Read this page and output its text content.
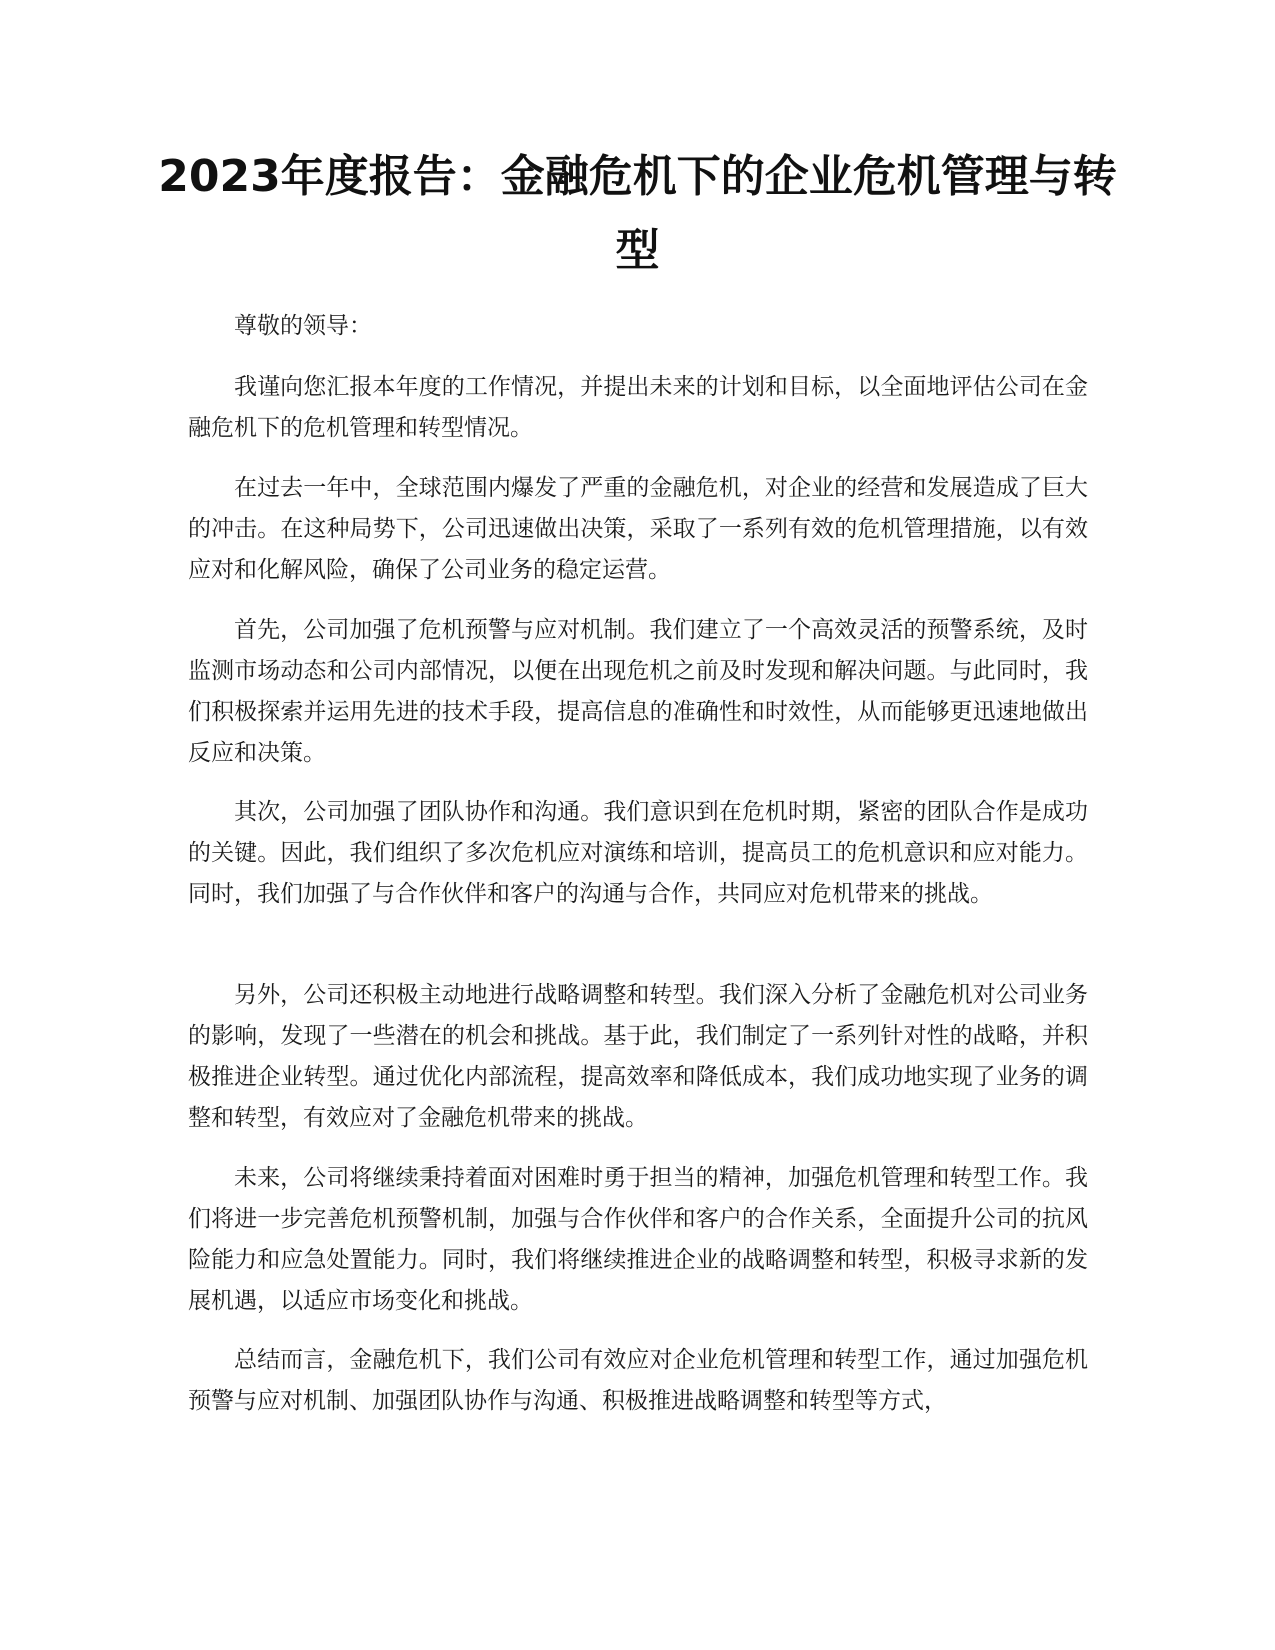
2023年度报告：金融危机下的企业危机管理与转型

尊敬的领导：

我谨向您汇报本年度的工作情况，并提出未来的计划和目标，以全面地评估公司在金融危机下的危机管理和转型情况。

在过去一年中，全球范围内爆发了严重的金融危机，对企业的经营和发展造成了巨大的冲击。在这种局势下，公司迅速做出决策，采取了一系列有效的危机管理措施，以有效应对和化解风险，确保了公司业务的稳定运营。

首先，公司加强了危机预警与应对机制。我们建立了一个高效灵活的预警系统，及时监测市场动态和公司内部情况，以便在出现危机之前及时发现和解决问题。与此同时，我们积极探索并运用先进的技术手段，提高信息的准确性和时效性，从而能够更迅速地做出反应和决策。

其次，公司加强了团队协作和沟通。我们意识到在危机时期，紧密的团队合作是成功的关键。因此，我们组织了多次危机应对演练和培训，提高员工的危机意识和应对能力。同时，我们加强了与合作伙伴和客户的沟通与合作，共同应对危机带来的挑战。

另外，公司还积极主动地进行战略调整和转型。我们深入分析了金融危机对公司业务的影响，发现了一些潜在的机会和挑战。基于此，我们制定了一系列针对性的战略，并积极推进企业转型。通过优化内部流程，提高效率和降低成本，我们成功地实现了业务的调整和转型，有效应对了金融危机带来的挑战。

未来，公司将继续秉持着面对困难时勇于担当的精神，加强危机管理和转型工作。我们将进一步完善危机预警机制，加强与合作伙伴和客户的合作关系，全面提升公司的抗风险能力和应急处置能力。同时，我们将继续推进企业的战略调整和转型，积极寻求新的发展机遇，以适应市场变化和挑战。

总结而言，金融危机下，我们公司有效应对企业危机管理和转型工作，通过加强危机预警与应对机制、加强团队协作与沟通、积极推进战略调整和转型等方式，
